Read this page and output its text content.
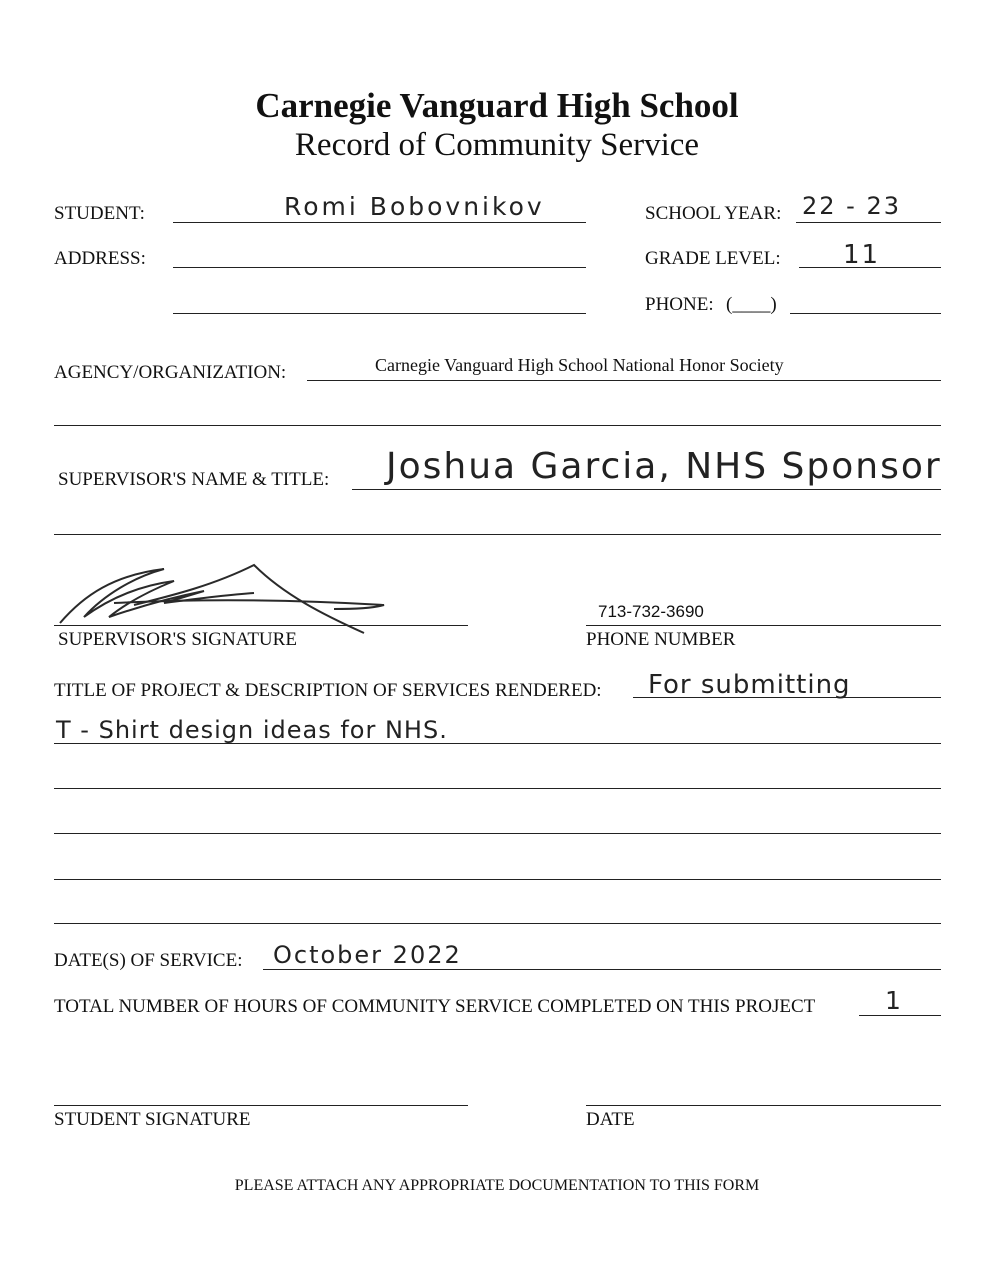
Carnegie Vanguard High School
Record of Community Service
STUDENT:	Romi Bobovnikov	SCHOOL YEAR: 22 - 23
ADDRESS:	GRADE LEVEL: 11
PHONE: (____)
AGENCY/ORGANIZATION:	Carnegie Vanguard High School National Honor Society
SUPERVISOR'S NAME & TITLE: Joshua Garcia, NHS Sponsor
SUPERVISOR'S SIGNATURE
713-732-3690
PHONE NUMBER
TITLE OF PROJECT & DESCRIPTION OF SERVICES RENDERED: For submitting
T - Shirt design ideas for NHS.
DATE(S) OF SERVICE: October 2022
TOTAL NUMBER OF HOURS OF COMMUNITY SERVICE COMPLETED ON THIS PROJECT	1
STUDENT SIGNATURE	DATE
PLEASE ATTACH ANY APPROPRIATE DOCUMENTATION TO THIS FORM
